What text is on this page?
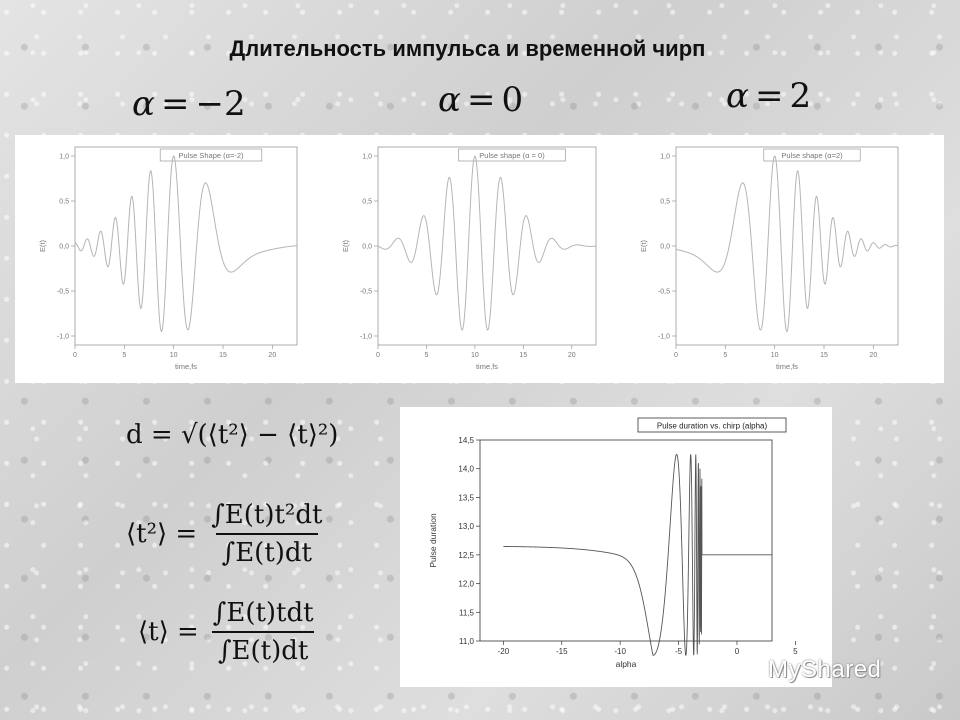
Длительность импульса и временной чирп
α = −2	α = 0	α = 2
Pulse Shape (α=-2)
0	5	10	15	20
-1,0
-0,5
0,0
0,5
1,0
time,fs
E(t)
Pulse shape (α = 0)
0	5	10	15	20
-1,0
-0,5
0,0
0,5
1,0
time,fs
E(t)
Pulse shape (α=2)
0	5	10	15	20
-1,0
-0,5
0,0
0,5
1,0
time,fs
E(t)
Pulse duration vs. chirp (alpha)
-20	-15	-10	-5	0	5
11,0
11,5
12,0
12,5
13,0
13,5
14,0
14,5
alpha
Pulse duration
d = √(⟨t²⟩ − ⟨t⟩²)
⟨t²⟩ = $\frac{\text{∫E(t)t²dt}}{\int E(t)dt}$
⟨t⟩ =
∫E(t)tdt
∫E(t)dt
MyShared
